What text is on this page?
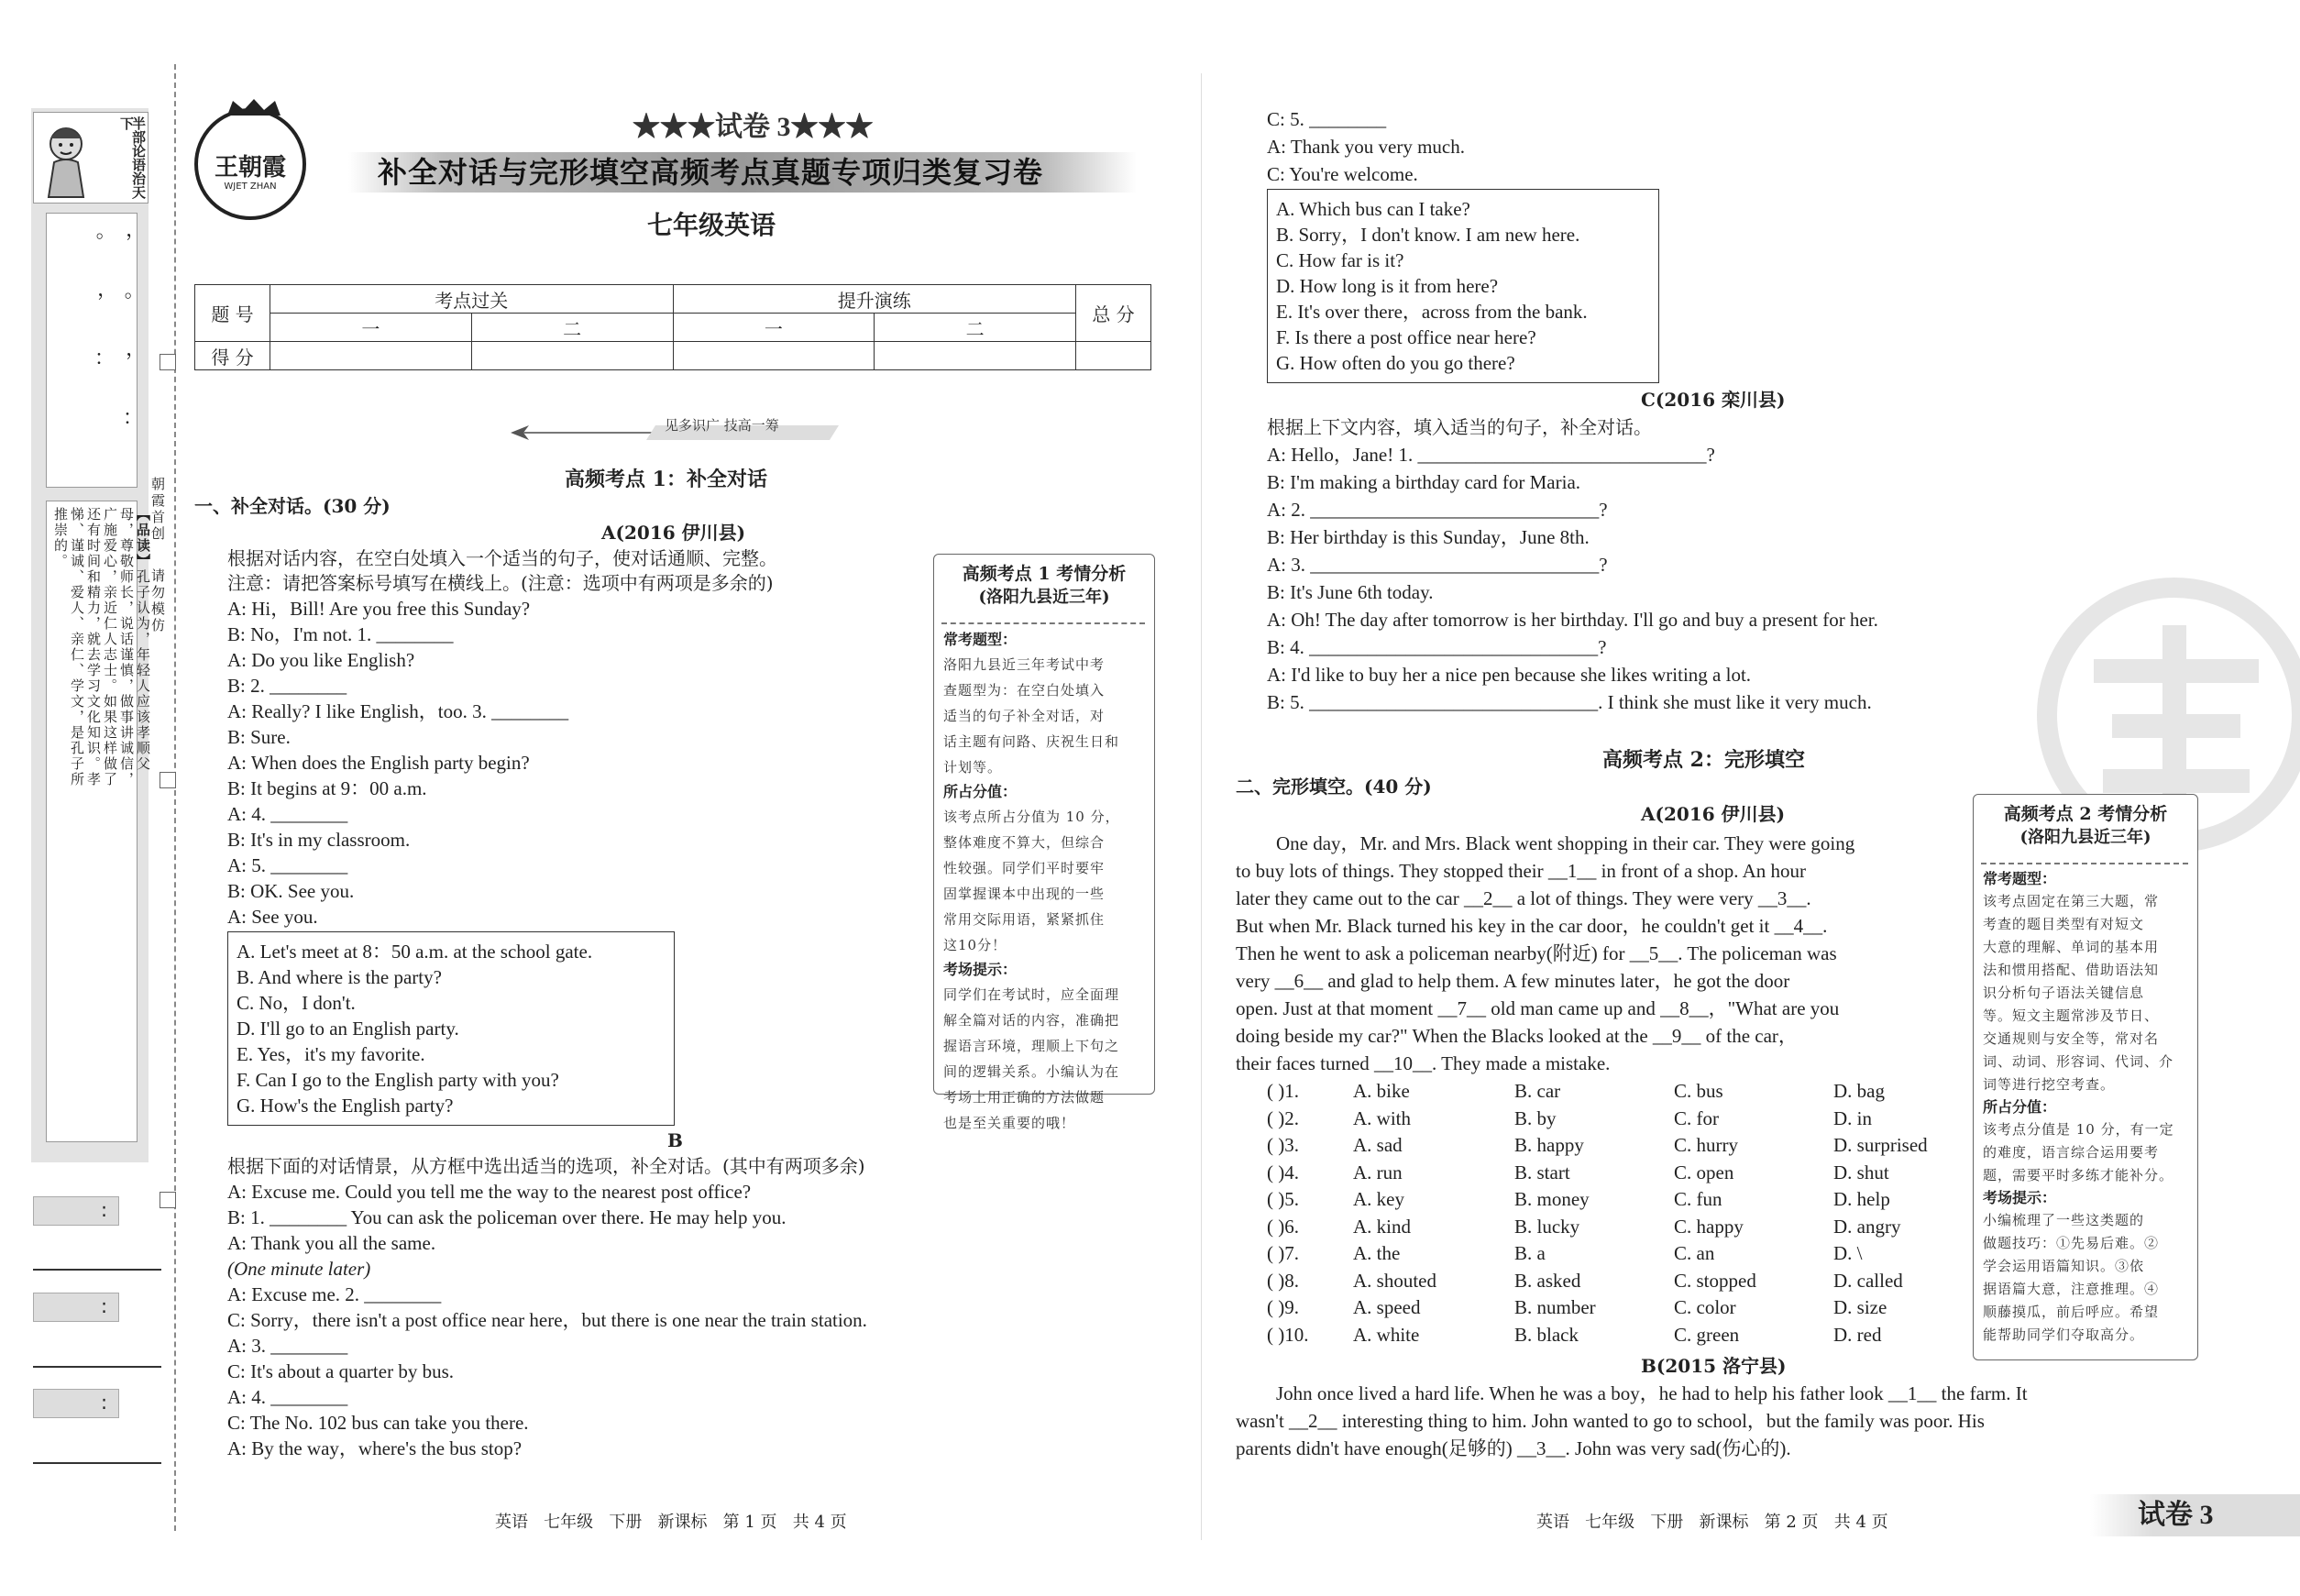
半部论语治天下
， 。 ， ： 。 ， ：
【品读】孔子认为，年轻人应该孝顺父母，尊敬师长，说话谨慎，做事讲诚信，广施爱心，亲近仁人志士。如果这样做了还有时间和精力，就去学习文化知识。孝悌、谨诚、爱人、亲仁、学文，是孔子所推崇的。	朝霞首创
请勿模仿
:
:
:
王朝霞
WJET ZHAN
★★★试卷 3★★★
补全对话与完形填空高频考点真题专项归类复习卷
七年级英语
题 号	考点过关		提升演练		总 分
	一	二	一	二	
得 分					
见多识广 技高一筹
高频考点 1：补全对话
一、补全对话。(30 分)
A(2016 伊川县)
根据对话内容，在空白处填入一个适当的句子，使对话通顺、完整。
注意：请把答案标号填写在横线上。(注意：选项中有两项是多余的)
A: Hi，Bill! Are you free this Sunday?
B: No，I'm not. 1. ________
A: Do you like English?
B: 2. ________
A: Really? I like English，too. 3. ________
B: Sure.
A: When does the English party begin?
B: It begins at 9：00 a.m.
A: 4. ________
B: It's in my classroom.
A: 5. ________
B: OK. See you.
A: See you.
A. Let's meet at 8：50 a.m. at the school gate.
B. And where is the party?
C. No，I don't.
D. I'll go to an English party.
E. Yes，it's my favorite.
F. Can I go to the English party with you?
G. How's the English party?
B
根据下面的对话情景，从方框中选出适当的选项，补全对话。(其中有两项多余)
A: Excuse me. Could you tell me the way to the nearest post office?
B: 1. ________ You can ask the policeman over there. He may help you.
A: Thank you all the same.
(One minute later)
A: Excuse me. 2. ________
C: Sorry，there isn't a post office near here，but there is one near the train station.
A: 3. ________
C: It's about a quarter by bus.
A: 4. ________
C: The No. 102 bus can take you there.
A: By the way，where's the bus stop?
高频考点 1 考情分析
(洛阳九县近三年)
常考题型：
洛阳九县近三年考试中考
查题型为：在空白处填入
适当的句子补全对话，对
话主题有问路、庆祝生日和
计划等。
所占分值：
该考点所占分值为 10 分，
整体难度不算大，但综合
性较强。同学们平时要牢
固掌握课本中出现的一些
常用交际用语，紧紧抓住
这10分！
考场提示：
同学们在考试时，应全面理
解全篇对话的内容，准确把
握语言环境，理顺上下句之
间的逻辑关系。小编认为在
考场上用正确的方法做题
也是至关重要的哦！
C: 5. ________
A: Thank you very much.
C: You're welcome.
A. Which bus can I take?
B. Sorry，I don't know. I am new here.
C. How far is it?
D. How long is it from here?
E. It's over there，across from the bank.
F. Is there a post office near here?
G. How often do you go there?
C(2016 栾川县)
根据上下文内容，填入适当的句子，补全对话。
A: Hello，Jane! 1. ______________________________?
B: I'm making a birthday card for Maria.
A: 2. ______________________________?
B: Her birthday is this Sunday，June 8th.
A: 3. ______________________________?
B: It's June 6th today.
A: Oh! The day after tomorrow is her birthday. I'll go and buy a present for her.
B: 4. ______________________________?
A: I'd like to buy her a nice pen because she likes writing a lot.
B: 5. ______________________________. I think she must like it very much.
高频考点 2：完形填空
二、完形填空。(40 分)
A(2016 伊川县)
One day，Mr. and Mrs. Black went shopping in their car. They were going
to buy lots of things. They stopped their __1__ in front of a shop. An hour
later they came out to the car __2__ a lot of things. They were very __3__.
But when Mr. Black turned his key in the car door，he couldn't get it __4__.
Then he went to ask a policeman nearby(附近) for __5__. The policeman was
very __6__ and glad to help them. A few minutes later，he got the door
open. Just at that moment __7__ old man came up and __8__，"What are you
doing beside my car?" When the Blacks looked at the __9__ of the car，
their faces turned __10__. They made a mistake.
( )1.	A. bike	B. car	C. bus	D. bag
( )2.	A. with	B. by	C. for	D. in
( )3.	A. sad	B. happy	C. hurry	D. surprised
( )4.	A. run	B. start	C. open	D. shut
( )5.	A. key	B. money	C. fun	D. help
( )6.	A. kind	B. lucky	C. happy	D. angry
( )7.	A. the	B. a	C. an	D. \
( )8.	A. shouted	B. asked	C. stopped	D. called
( )9.	A. speed	B. number	C. color	D. size
( )10. A. white	B. black	C. green	D. red
B(2015 洛宁县)
John once lived a hard life. When he was a boy，he had to help his father look __1__ the farm. It
wasn't __2__ interesting thing to him. John wanted to go to school，but the family was poor. His
parents didn't have enough(足够的) __3__. John was very sad(伤心的).
高频考点 2 考情分析
(洛阳九县近三年)
常考题型：
该考点固定在第三大题，常
考查的题目类型有对短文
大意的理解、单词的基本用
法和惯用搭配、借助语法知
识分析句子语法关键信息
等。短文主题常涉及节日、
交通规则与安全等，常对名
词、动词、形容词、代词、介
词等进行挖空考查。
所占分值：
该考点分值是 10 分，有一定
的难度，语言综合运用要考
题，需要平时多练才能补分。
考场提示：
小编梳理了一些这类题的
做题技巧：①先易后难。②
学会运用语篇知识。③依
据语篇大意，注意推理。④
顺藤摸瓜，前后呼应。希望
能帮助同学们夺取高分。
英语   七年级   下册   新课标   第 1 页   共 4 页	英语   七年级   下册   新课标   第 2 页   共 4 页	试卷 3
